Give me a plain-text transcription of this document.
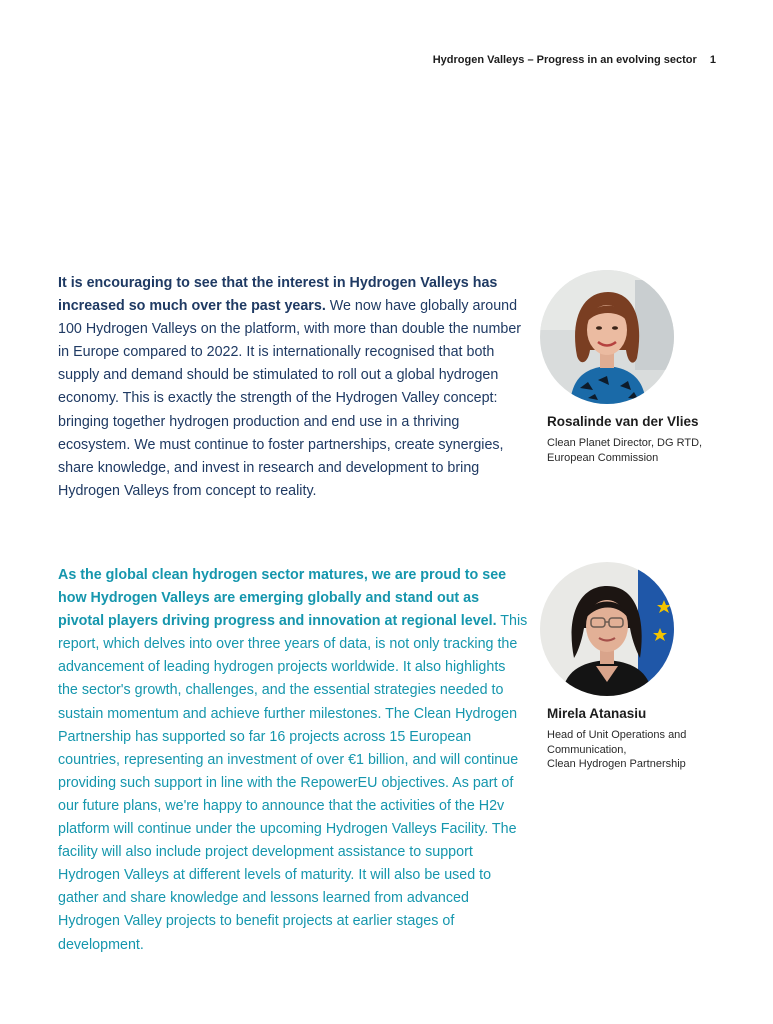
Hydrogen Valleys – Progress in an evolving sector 1
It is encouraging to see that the interest in Hydrogen Valleys has increased so much over the past years. We now have globally around 100 Hydrogen Valleys on the platform, with more than double the number in Europe compared to 2022. It is internationally recognised that both supply and demand should be stimulated to roll out a global hydrogen economy. This is exactly the strength of the Hydrogen Valley concept: bringing together hydrogen production and end use in a thriving ecosystem. We must continue to foster partnerships, create synergies, share knowledge, and invest in research and development to bring Hydrogen Valleys from concept to reality.
Rosalinde van der Vlies
Clean Planet Director, DG RTD,
European Commission
As the global clean hydrogen sector matures, we are proud to see how Hydrogen Valleys are emerging globally and stand out as pivotal players driving progress and innovation at regional level. This report, which delves into over three years of data, is not only tracking the advancement of leading hydrogen projects worldwide. It also highlights the sector's growth, challenges, and the essential strategies needed to sustain momentum and achieve further milestones. The Clean Hydrogen Partnership has supported so far 16 projects across 15 European countries, representing an investment of over €1 billion, and will continue providing such support in line with the RepowerEU objectives. As part of our future plans, we're happy to announce that the activities of the H2v platform will continue under the upcoming Hydrogen Valleys Facility. The facility will also include project development assistance to support Hydrogen Valleys at different levels of maturity. It will also be used to gather and share knowledge and lessons learned from advanced Hydrogen Valley projects to benefit projects at earlier stages of development.
Mirela Atanasiu
Head of Unit Operations and
Communication,
Clean Hydrogen Partnership
